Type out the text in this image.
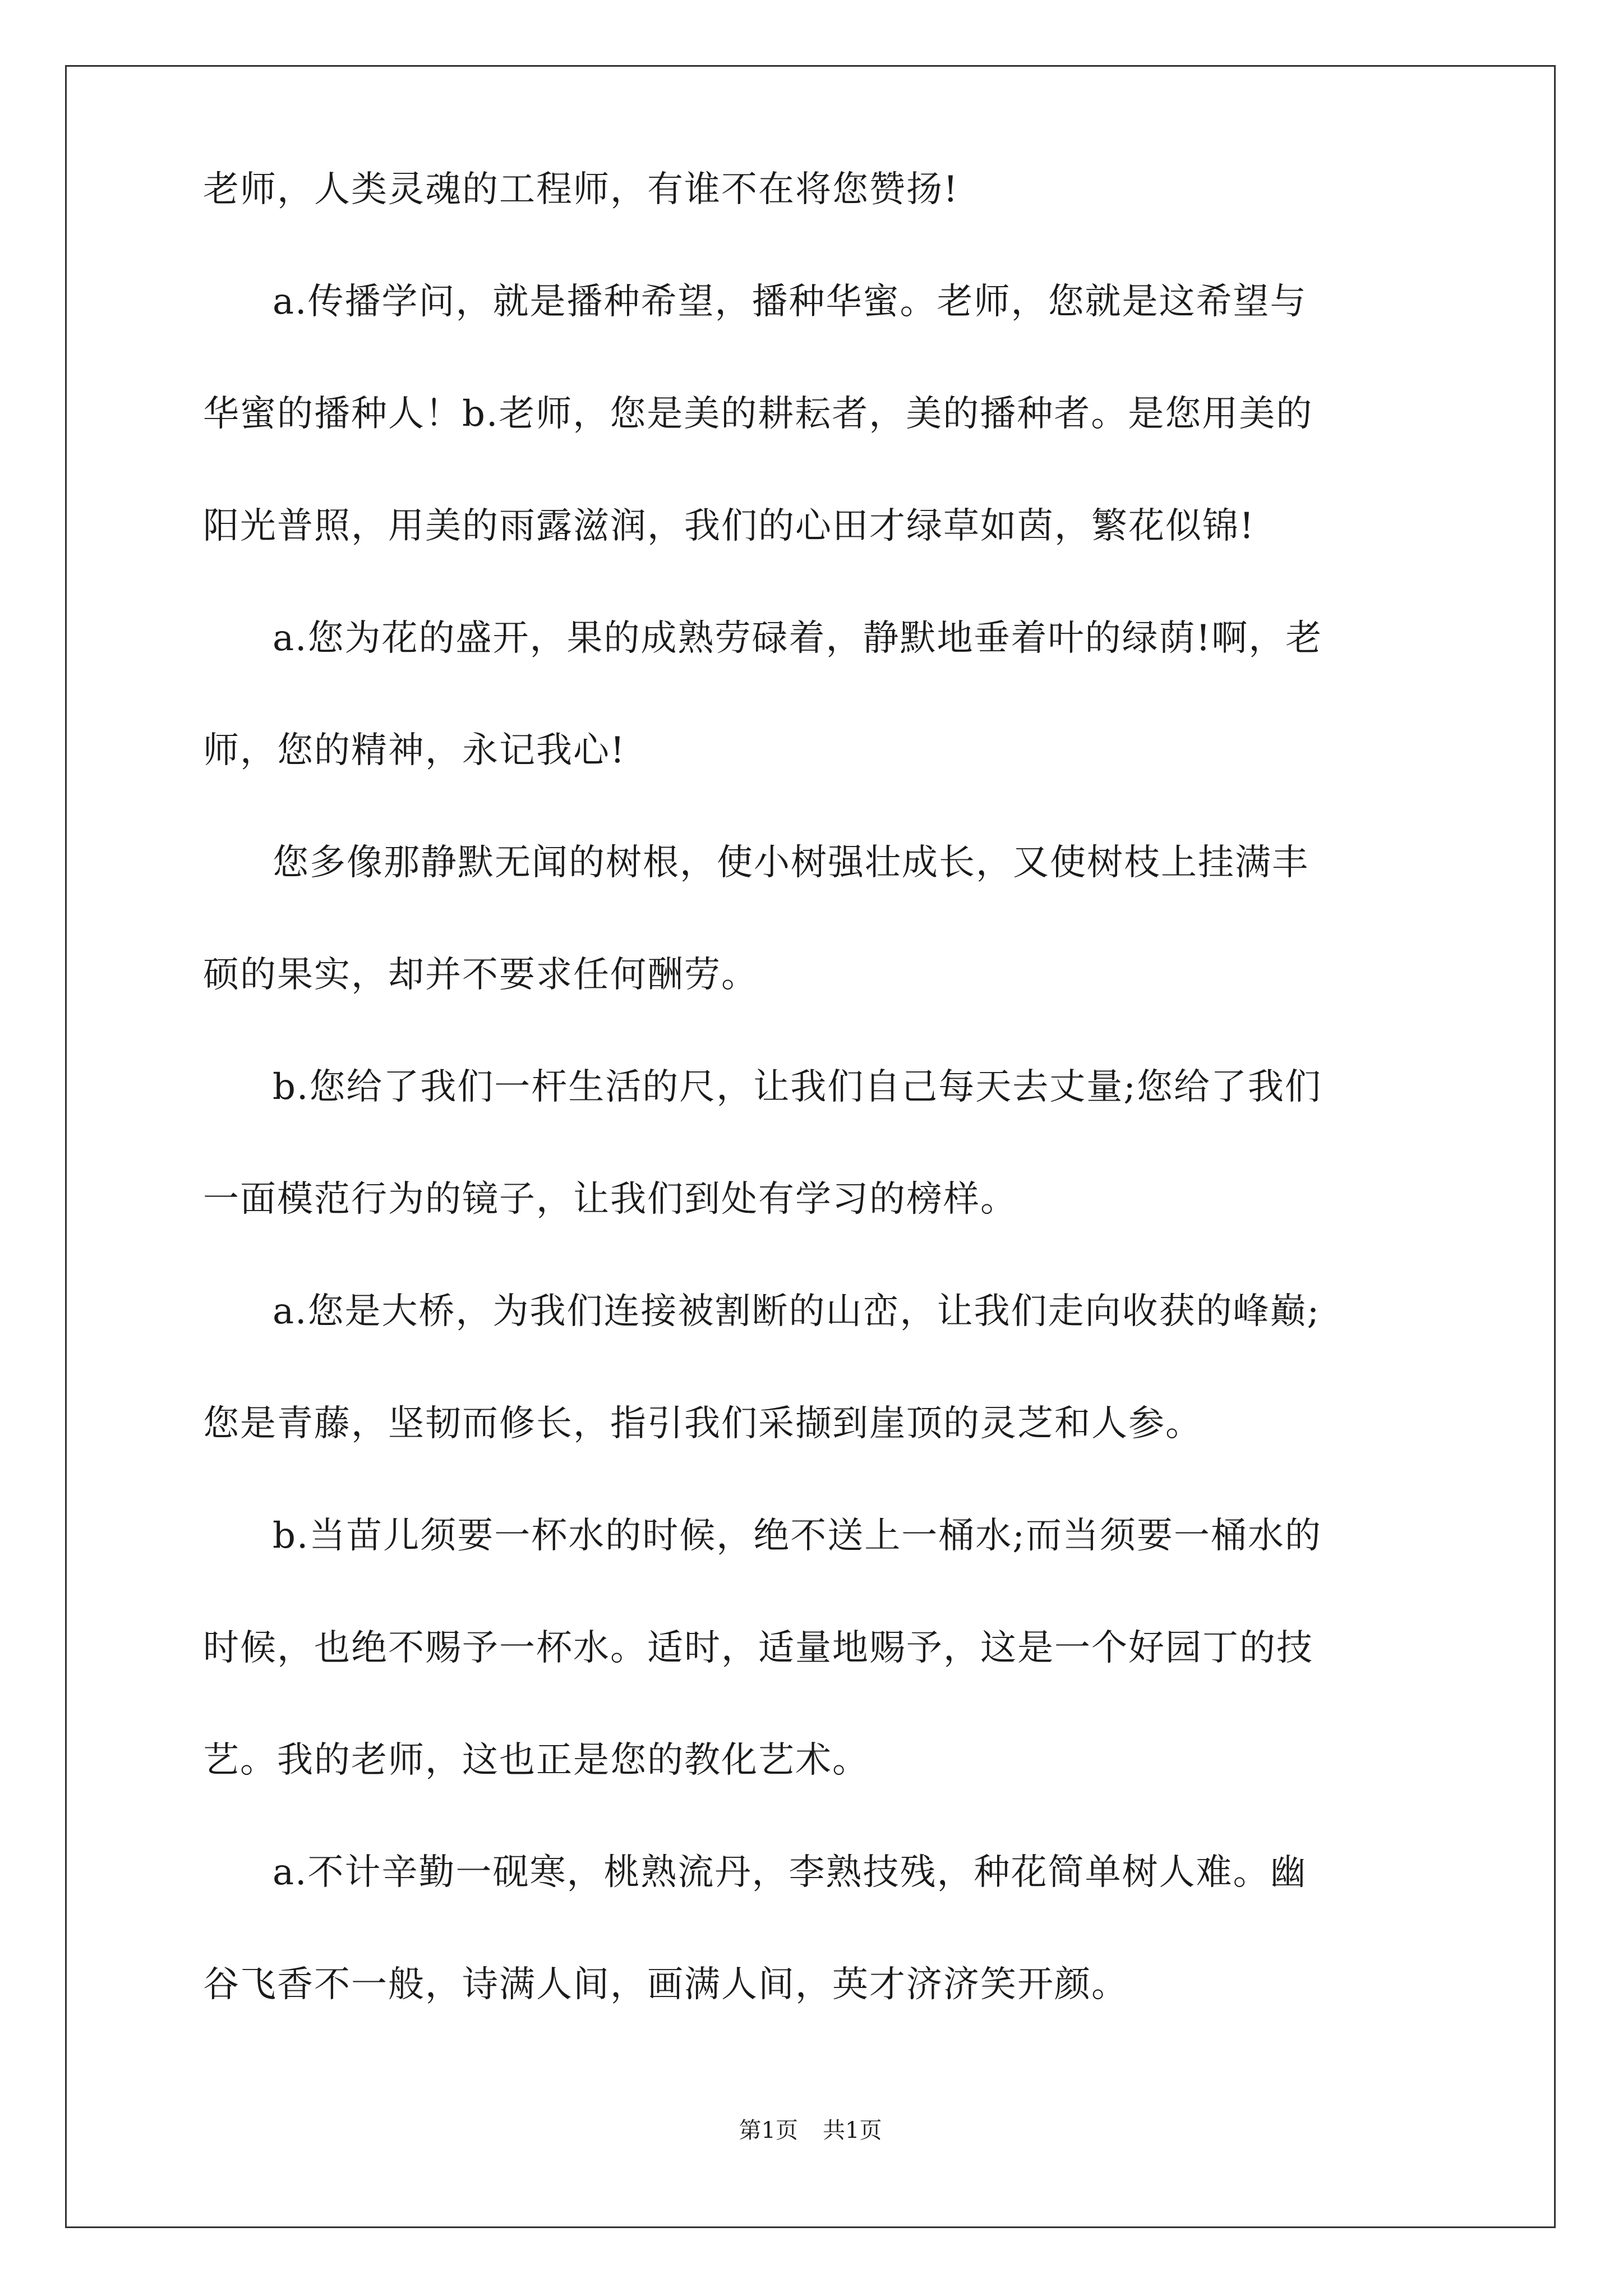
老师，人类灵魂的工程师，有谁不在将您赞扬!
a.传播学问，就是播种希望，播种华蜜。老师，您就是这希望与
华蜜的播种人！b.老师，您是美的耕耘者，美的播种者。是您用美的
阳光普照，用美的雨露滋润，我们的心田才绿草如茵，繁花似锦!
a.您为花的盛开，果的成熟劳碌着，静默地垂着叶的绿荫!啊，老
师，您的精神，永记我心!
您多像那静默无闻的树根，使小树强壮成长，又使树枝上挂满丰
硕的果实，却并不要求任何酬劳。
b.您给了我们一杆生活的尺，让我们自己每天去丈量;您给了我们
一面模范行为的镜子，让我们到处有学习的榜样。
a.您是大桥，为我们连接被割断的山峦，让我们走向收获的峰巅;
您是青藤，坚韧而修长，指引我们采撷到崖顶的灵芝和人参。
b.当苗儿须要一杯水的时候，绝不送上一桶水;而当须要一桶水的
时候，也绝不赐予一杯水。适时，适量地赐予，这是一个好园丁的技
艺。我的老师，这也正是您的教化艺术。
a.不计辛勤一砚寒，桃熟流丹，李熟技残，种花简单树人难。幽
谷飞香不一般，诗满人间，画满人间，英才济济笑开颜。
第1页 共1页
